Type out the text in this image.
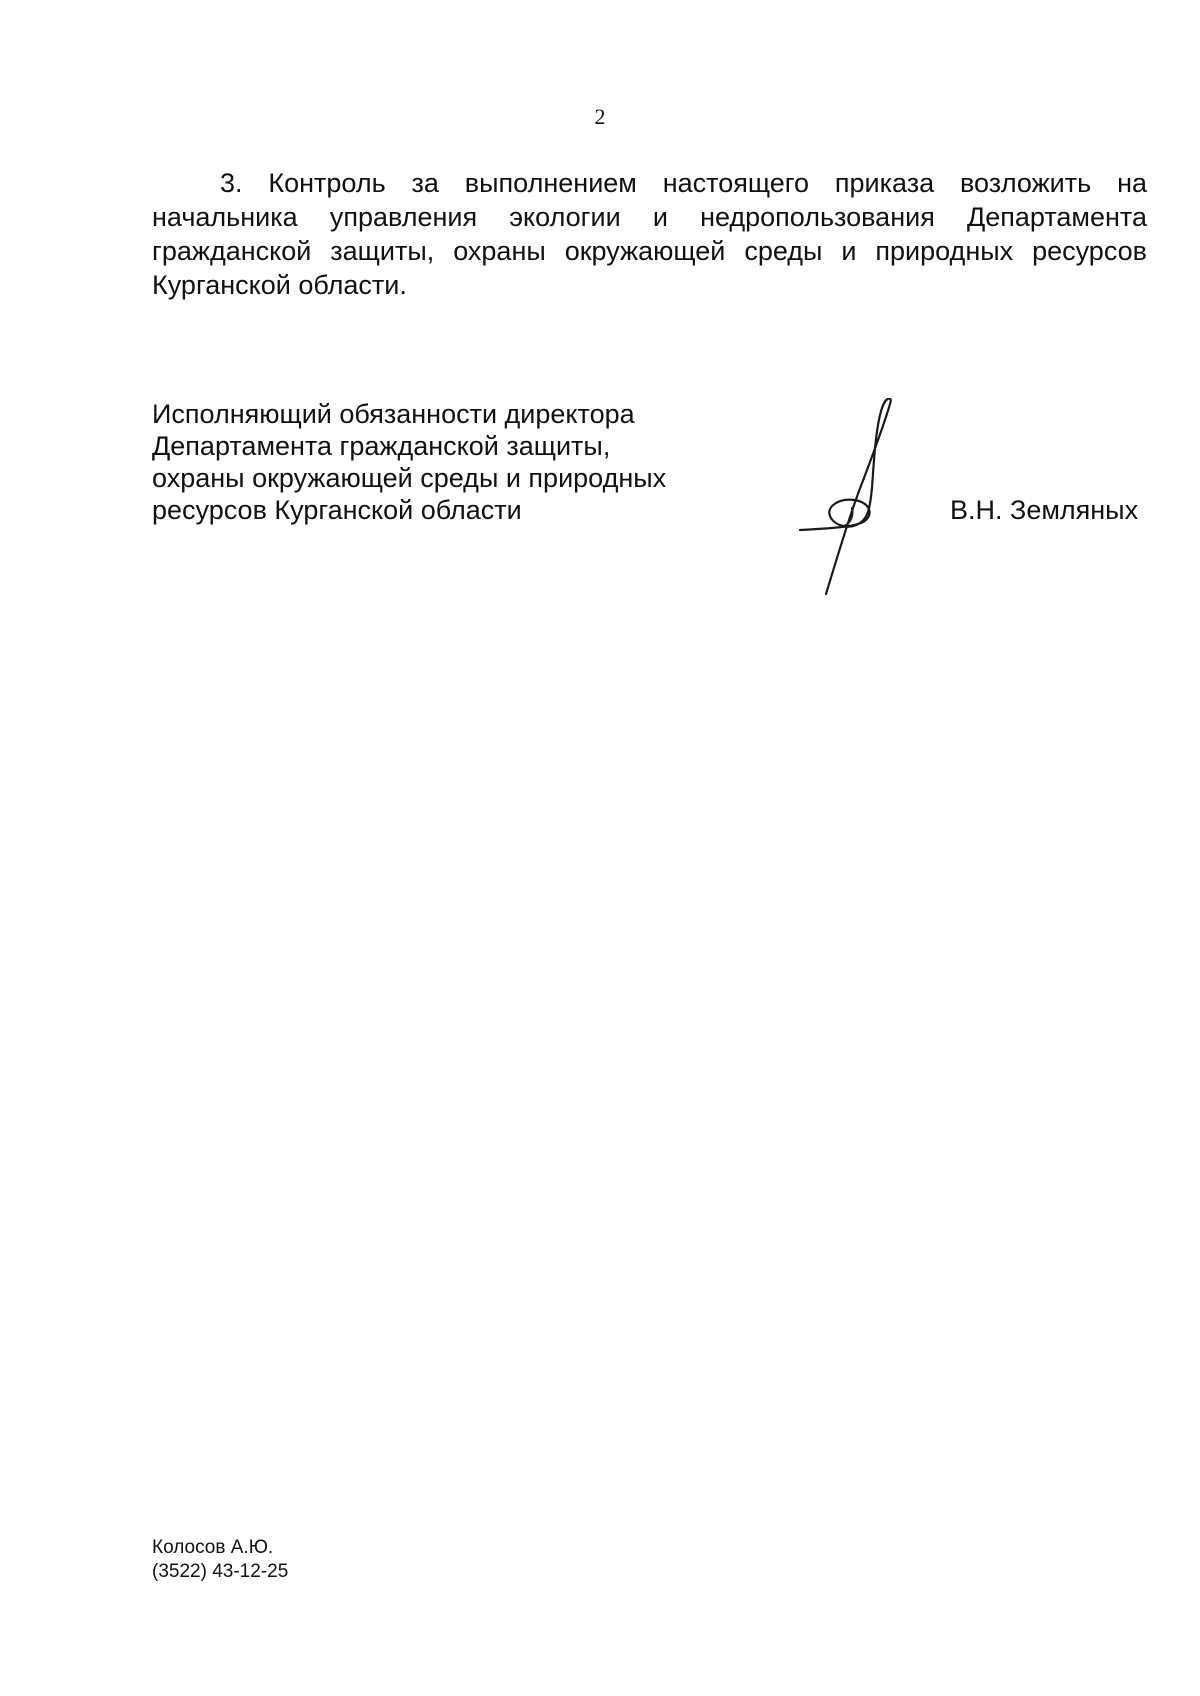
2

3. Контроль за выполнением настоящего приказа возложить на начальника управления экологии и недропользования Департамента гражданской защиты, охраны окружающей среды и природных ресурсов Курганской области.

Исполняющий обязанности директора
Департамента гражданской защиты,
охраны окружающей среды и природных
ресурсов Курганской области	В.Н. Земляных
Колосов А.Ю.
(3522) 43-12-25
